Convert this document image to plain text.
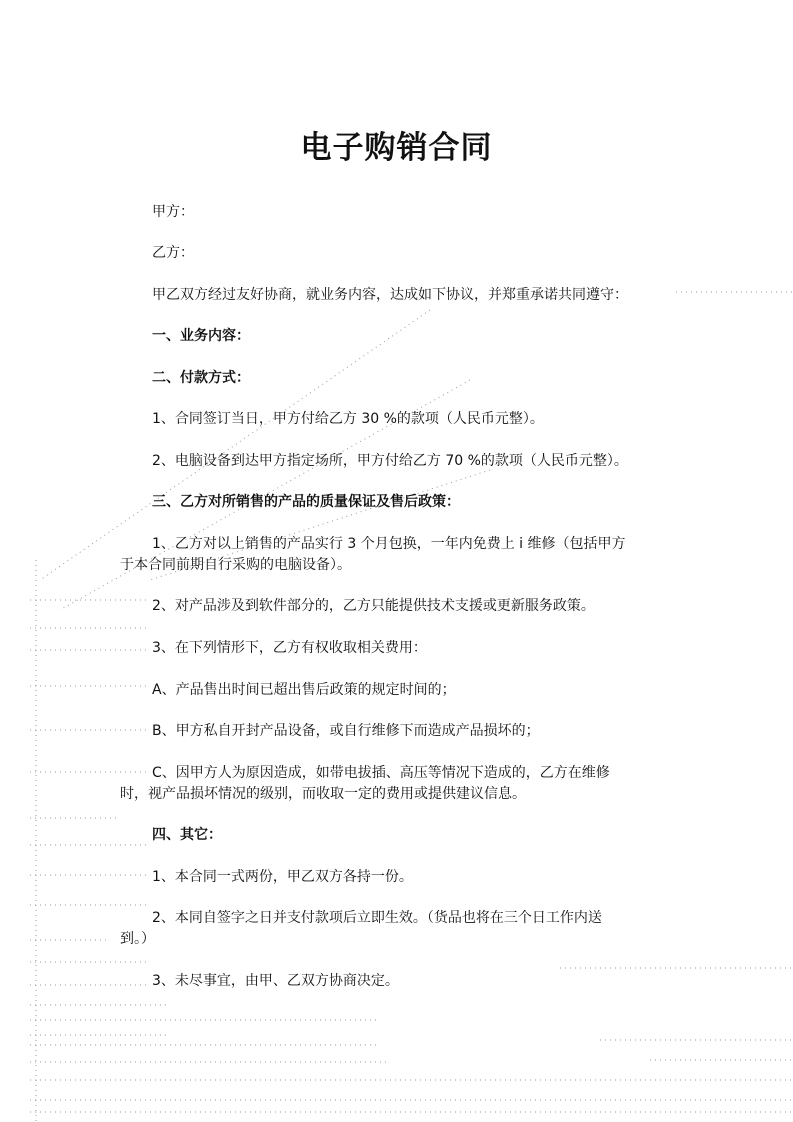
电子购销合同
甲方：
乙方：
甲乙双方经过友好协商，就业务内容，达成如下协议，并郑重承诺共同遵守：
一、业务内容：
二、付款方式：
1、合同签订当日，甲方付给乙方 30 %的款项（人民币元整）。
2、电脑设备到达甲方指定场所，甲方付给乙方 70 %的款项（人民币元整）。
三、乙方对所销售的产品的质量保证及售后政策：
1、乙方对以上销售的产品实行 3 个月包换，一年内免费上 i 维修（包括甲方
于本合同前期自行采购的电脑设备）。
2、对产品涉及到软件部分的，乙方只能提供技术支援或更新服务政策。
3、在下列情形下，乙方有权收取相关费用：
A、产品售出时间已超出售后政策的规定时间的；
B、甲方私自开封产品设备，或自行维修下而造成产品损坏的；
C、因甲方人为原因造成，如带电拔插、高压等情况下造成的，乙方在维修
时，视产品损坏情况的级别，而收取一定的费用或提供建议信息。
四、其它：
1、本合同一式两份，甲乙双方各持一份。
2、本同自签字之日并支付款项后立即生效。（货品也将在三个日工作内送
到。）
3、未尽事宜，由甲、乙双方协商决定。
